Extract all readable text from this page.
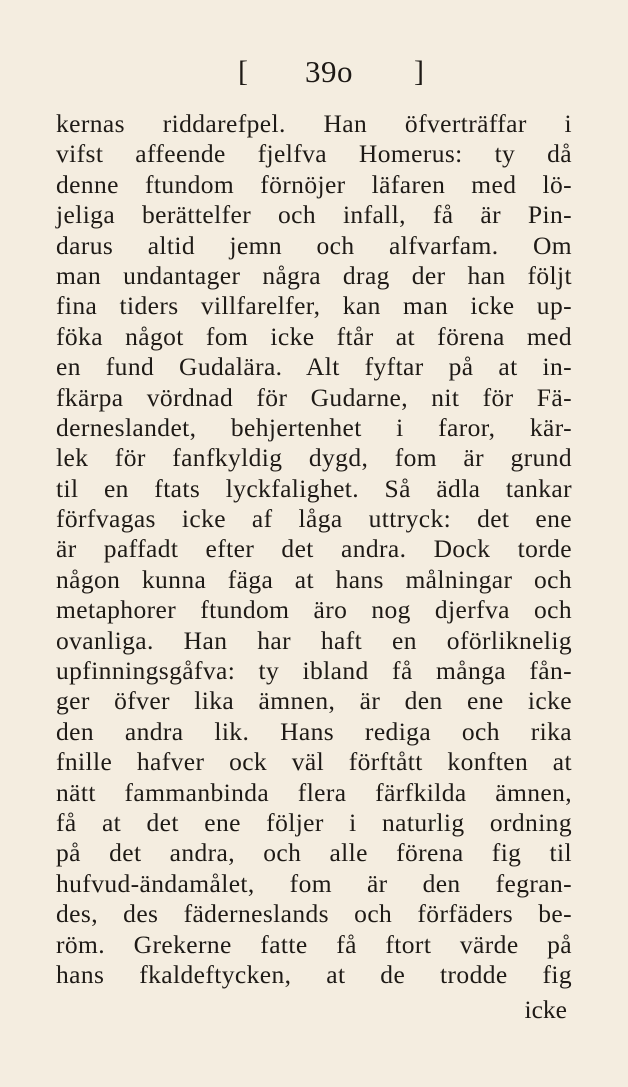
[ 39o ]
kernas riddarefpel. Han öfverträffar i
vifst affeende fjelfva Homerus: ty då
denne ftundom förnöjer läfaren med lö-
jeliga berättelfer och infall, få är Pin-
darus altid jemn och alfvarfam. Om
man undantager några drag der han följt
fina tiders villfarelfer, kan man icke up-
föka något fom icke ftår at förena med
en fund Gudalära. Alt fyftar på at in-
fkärpa vördnad för Gudarne, nit för Fä-
derneslandet, behjertenhet i faror, kär-
lek för fanfkyldig dygd, fom är grund
til en ftats lyckfalighet. Så ädla tankar
förfvagas icke af låga uttryck: det ene
är paffadt efter det andra. Dock torde
någon kunna fäga at hans målningar och
metaphorer ftundom äro nog djerfva och
ovanliga. Han har haft en oförliknelig
upfinningsgåfva: ty ibland få många fån-
ger öfver lika ämnen, är den ene icke
den andra lik. Hans rediga och rika
fnille hafver ock väl förftått konften at
nätt fammanbinda flera färfkilda ämnen,
få at det ene följer i naturlig ordning
på det andra, och alle förena fig til
hufvud-ändamålet, fom är den fegran-
des, des fäderneslands och förfäders be-
röm. Grekerne fatte få ftort värde på
hans fkaldeftycken, at de trodde fig
icke
